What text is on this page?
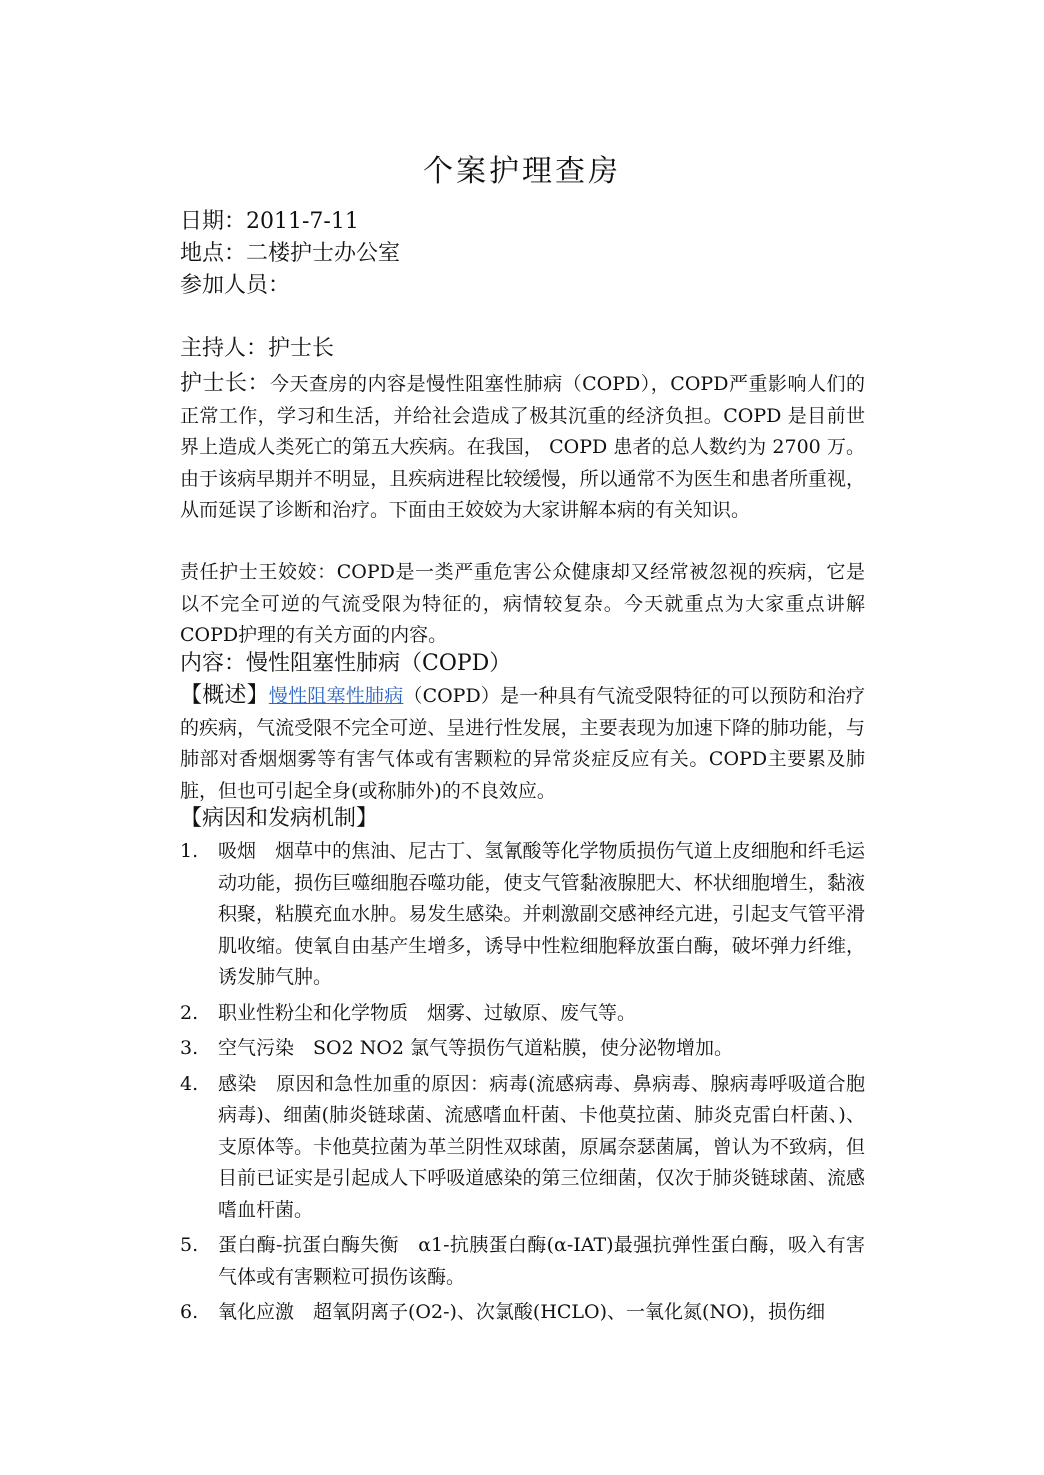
个案护理查房
日期：2011-7-11
地点：二楼护士办公室
参加人员：
主持人：护士长
护士长：今天查房的内容是慢性阻塞性肺病（COPD），COPD严重影响人们的正常工作，学习和生活，并给社会造成了极其沉重的经济负担。COPD 是目前世界上造成人类死亡的第五大疾病。在我国， COPD 患者的总人数约为 2700 万。由于该病早期并不明显，且疾病进程比较缓慢，所以通常不为医生和患者所重视，从而延误了诊断和治疗。下面由王姣姣为大家讲解本病的有关知识。
责任护士王姣姣：COPD是一类严重危害公众健康却又经常被忽视的疾病，它是以不完全可逆的气流受限为特征的，病情较复杂。今天就重点为大家重点讲解COPD护理的有关方面的内容。
内容：慢性阻塞性肺病（COPD）
【概述】慢性阻塞性肺病（COPD）是一种具有气流受限特征的可以预防和治疗的疾病，气流受限不完全可逆、呈进行性发展，主要表现为加速下降的肺功能，与肺部对香烟烟雾等有害气体或有害颗粒的异常炎症反应有关。COPD主要累及肺脏，但也可引起全身(或称肺外)的不良效应。
【病因和发病机制】
1.	吸烟　烟草中的焦油、尼古丁、氢氰酸等化学物质损伤气道上皮细胞和纤毛运动功能，损伤巨噬细胞吞噬功能，使支气管黏液腺肥大、杯状细胞增生，黏液积聚，粘膜充血水肿。易发生感染。并刺激副交感神经亢进，引起支气管平滑肌收缩。使氧自由基产生增多，诱导中性粒细胞释放蛋白酶，破坏弹力纤维，诱发肺气肿。
2.	职业性粉尘和化学物质　烟雾、过敏原、废气等。
3.	空气污染　SO2 NO2 氯气等损伤气道粘膜，使分泌物增加。
4.	感染　原因和急性加重的原因：病毒(流感病毒、鼻病毒、腺病毒呼吸道合胞病毒)、细菌(肺炎链球菌、流感嗜血杆菌、卡他莫拉菌、肺炎克雷白杆菌、)、支原体等。卡他莫拉菌为革兰阴性双球菌，原属奈瑟菌属，曾认为不致病，但目前已证实是引起成人下呼吸道感染的第三位细菌，仅次于肺炎链球菌、流感嗜血杆菌。
5.	蛋白酶-抗蛋白酶失衡　α1-抗胰蛋白酶(α-IAT)最强抗弹性蛋白酶，吸入有害气体或有害颗粒可损伤该酶。
6.	氧化应激　超氧阴离子(O2-)、次氯酸(HCLO)、一氧化氮(NO)，损伤细
